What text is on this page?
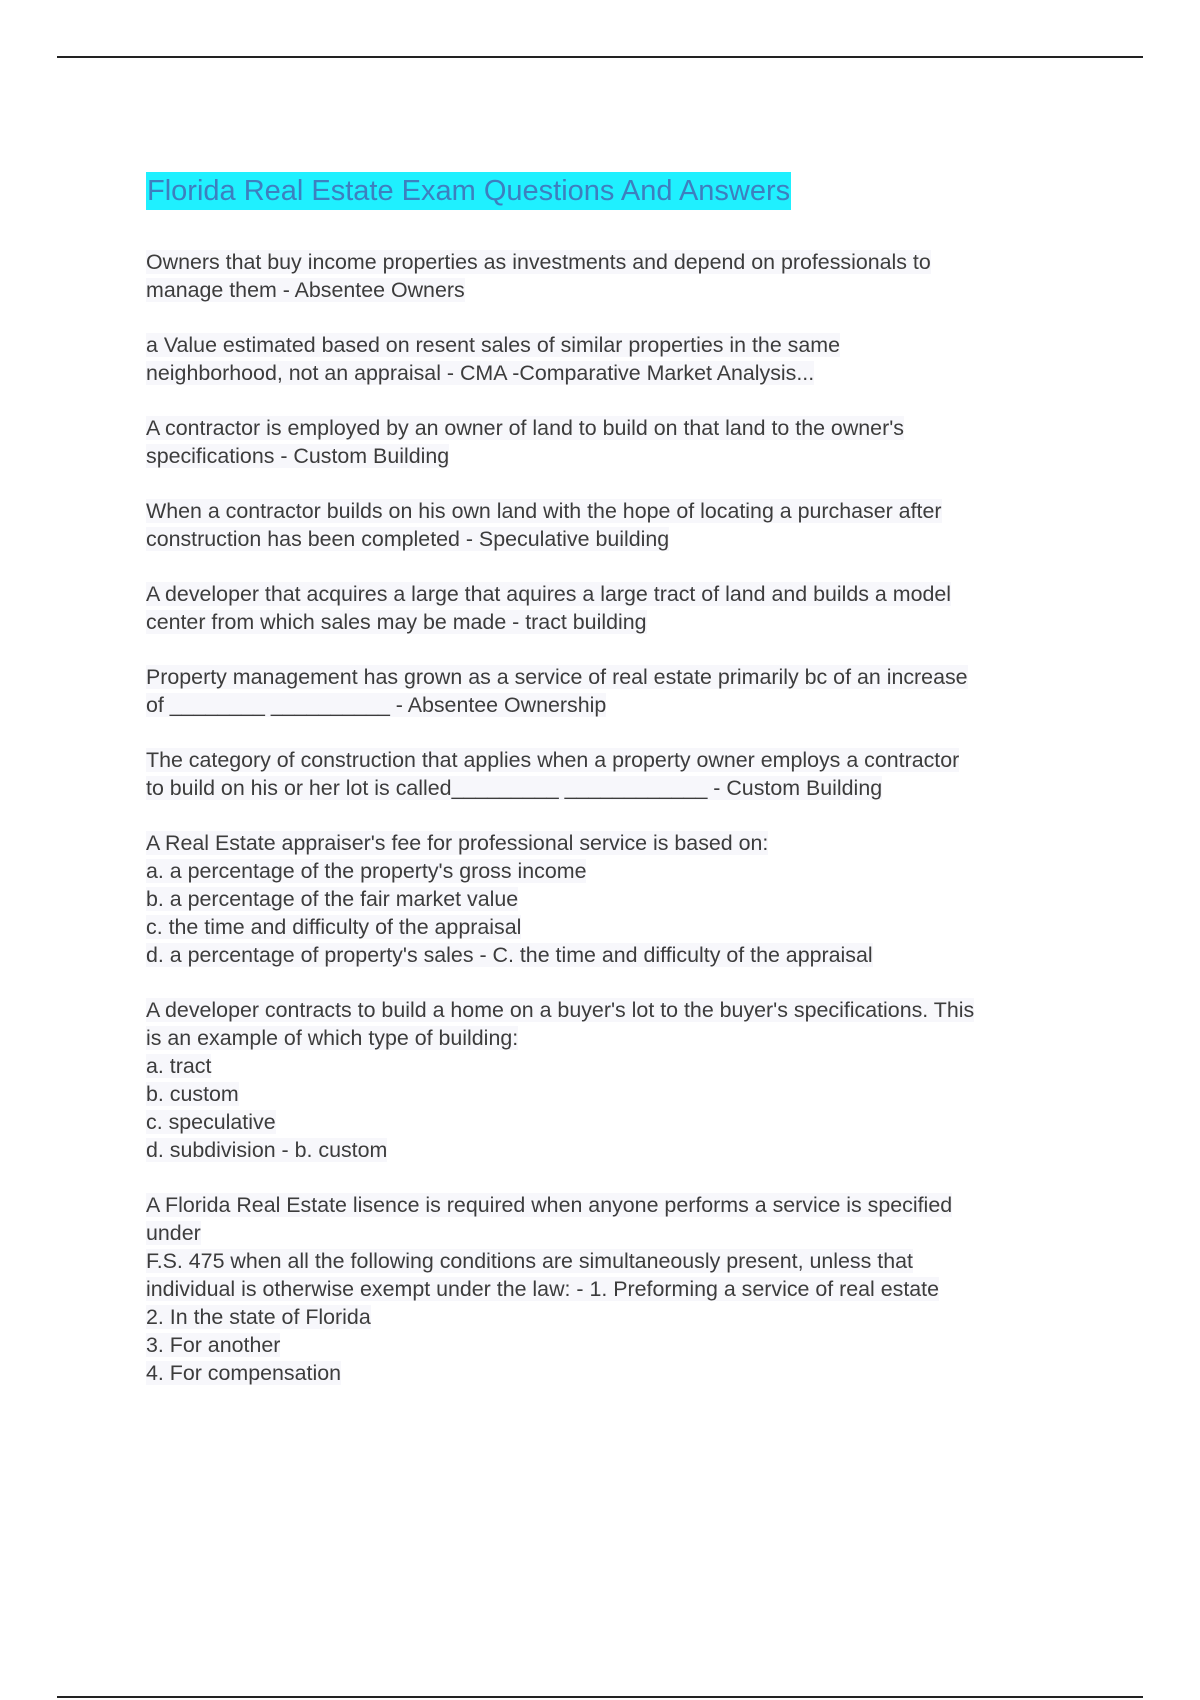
Florida Real Estate Exam Questions And Answers
Owners that buy income properties as investments and depend on professionals to
manage them - Absentee Owners
a Value estimated based on resent sales of similar properties in the same
neighborhood, not an appraisal - CMA -Comparative Market Analysis...
A contractor is employed by an owner of land to build on that land to the owner's
specifications - Custom Building
When a contractor builds on his own land with the hope of locating a purchaser after
construction has been completed - Speculative building
A developer that acquires a large that aquires a large tract of land and builds a model
center from which sales may be made - tract building
Property management has grown as a service of real estate primarily bc of an increase
of ________ __________ - Absentee Ownership
The category of construction that applies when a property owner employs a contractor
to build on his or her lot is called_________ ____________ - Custom Building
A Real Estate appraiser's fee for professional service is based on:
a. a percentage of the property's gross income
b. a percentage of the fair market value
c. the time and difficulty of the appraisal
d. a percentage of property's sales - C. the time and difficulty of the appraisal
A developer contracts to build a home on a buyer's lot to the buyer's specifications. This
is an example of which type of building:
a. tract
b. custom
c. speculative
d. subdivision - b. custom
A Florida Real Estate lisence is required when anyone performs a service is specified
under
F.S. 475 when all the following conditions are simultaneously present, unless that
individual is otherwise exempt under the law: - 1. Preforming a service of real estate
2. In the state of Florida
3. For another
4. For compensation
